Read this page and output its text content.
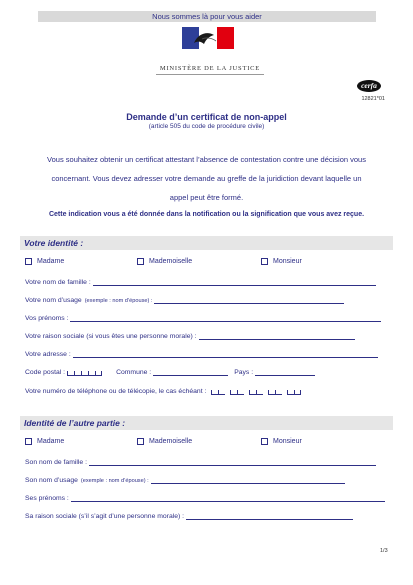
Nous sommes là pour vous aider
MINISTÈRE DE LA JUSTICE
cerfa
12821*01
Demande d’un certificat de non-appel
(article 505 du code de procédure civile)
Vous souhaitez obtenir un certificat attestant l’absence de contestation contre une décision vous
concernant. Vous devez adresser votre demande au greffe de la juridiction devant laquelle un
appel peut être formé.
Cette indication vous a été donnée dans la notification ou la signification que vous avez reçue.
Votre identité :
Madame	Mademoiselle	Monsieur
Votre nom de famille :
Votre nom d’usage (exemple : nom d’épouse) :
Vos prénoms :
Votre raison sociale (si vous êtes une personne morale) :
Votre adresse :
Code postal :	Commune :	Pays :
Votre numéro de téléphone ou de télécopie, le cas échéant :
Identité de l’autre partie :
Madame	Mademoiselle	Monsieur
Son nom de famille :
Son nom d’usage (exemple : nom d’épouse) :
Ses prénoms :
Sa raison sociale (s’il s’agit d’une personne morale) :
1/3
